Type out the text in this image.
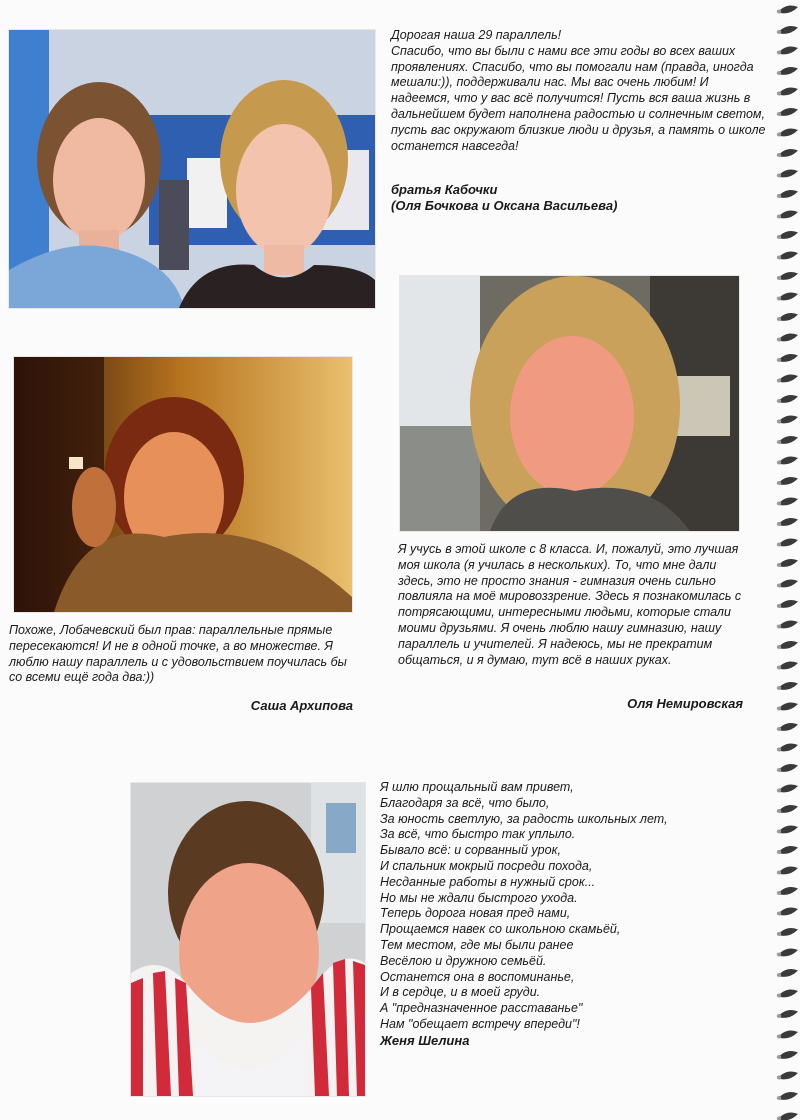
Дорогая наша 29 параллель!
Спасибо, что вы были с нами все эти годы во всех ваших проявлениях. Спасибо, что вы помогали нам (правда, иногда мешали:)), поддерживали нас. Мы вас очень любим! И надеемся, что у вас всё получится! Пусть вся ваша жизнь в дальнейшем будет наполнена радостью и солнечным светом, пусть вас окружают близкие люди и друзья, а память о школе останется навсегда!

братья Кабочки
(Оля Бочкова и Оксана Васильева)

Похоже, Лобачевский был прав: параллельные прямые пересекаются! И не в одной точке, а во множестве. Я люблю нашу параллель и с удовольствием поучилась бы со всеми ещё года два:))

Саша Архипова

Я учусь в этой школе с 8 класса. И, пожалуй, это лучшая моя школа (я училась в нескольких). То, что мне дали здесь, это не просто знания - гимназия очень сильно повлияла на моё мировоззрение. Здесь я познакомилась с потрясающими, интересными людьми, которые стали моими друзьями. Я очень люблю нашу гимназию, нашу параллель и учителей. Я надеюсь, мы не прекратим общаться, и я думаю, тут всё в наших руках.

Оля Немировская
Я шлю прощальный вам привет,
Благодаря за всё, что было,
За юность светлую, за радость школьных лет,
За всё, что быстро так уплыло.
Бывало всё: и сорванный урок,
И спальник мокрый посреди похода,
Несданные работы в нужный срок...
Но мы не ждали быстрого ухода.
Теперь дорога новая пред нами,
Прощаемся навек со школьною скамьёй,
Тем местом, где мы были ранее
Весёлою и дружною семьёй.
Останется она в воспоминанье,
И в сердце, и в моей груди.
А "предназначенное расставанье"
Нам "обещает встречу впереди"!
Женя Шелина
